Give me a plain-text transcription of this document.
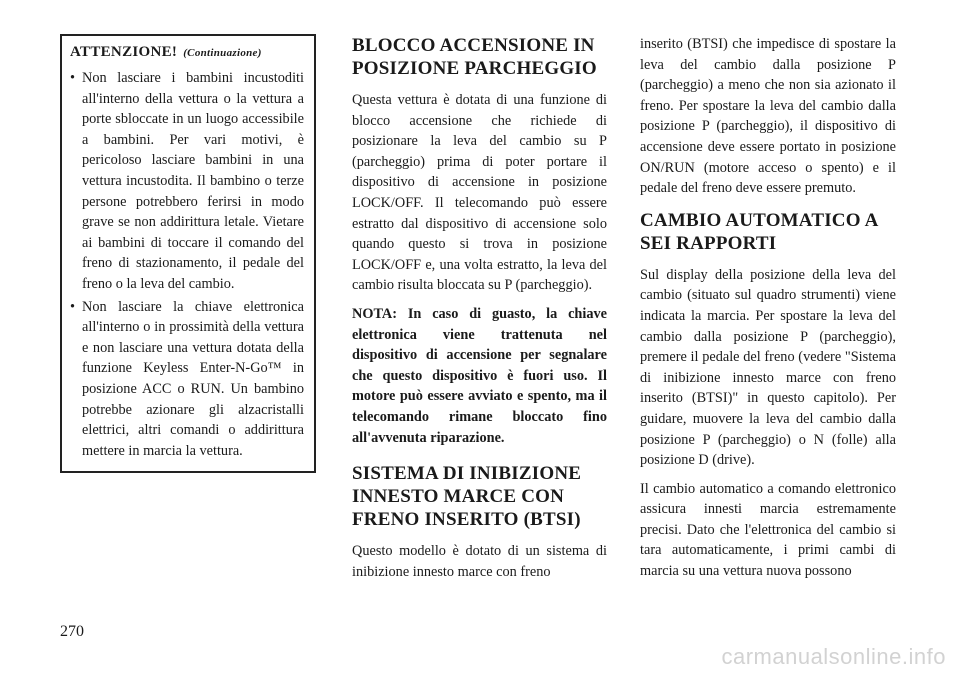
ATTENZIONE! (Continuazione)
• Non lasciare i bambini incustoditi all'interno della vettura o la vettura a porte sbloccate in un luogo accessibile a bambini. Per vari motivi, è pericoloso lasciare bambini in una vettura incustodita. Il bambino o terze persone potrebbero ferirsi in modo grave se non addirittura letale. Vietare ai bambini di toccare il comando del freno di stazionamento, il pedale del freno o la leva del cambio.
• Non lasciare la chiave elettronica all'interno o in prossimità della vettura e non lasciare una vettura dotata della funzione Keyless Enter-N-Go™ in posizione ACC o RUN. Un bambino potrebbe azionare gli alzacristalli elettrici, altri comandi o addirittura mettere in marcia la vettura.
BLOCCO ACCENSIONE IN POSIZIONE PARCHEGGIO

Questa vettura è dotata di una funzione di blocco accensione che richiede di posizionare la leva del cambio su P (parcheggio) prima di poter portare il dispositivo di accensione in posizione LOCK/OFF. Il telecomando può essere estratto dal dispositivo di accensione solo quando questo si trova in posizione LOCK/OFF e, una volta estratto, la leva del cambio risulta bloccata su P (parcheggio).

NOTA: In caso di guasto, la chiave elettronica viene trattenuta nel dispositivo di accensione per segnalare che questo dispositivo è fuori uso. Il motore può essere avviato e spento, ma il telecomando rimane bloccato fino all'avvenuta riparazione.

SISTEMA DI INIBIZIONE INNESTO MARCE CON FRENO INSERITO (BTSI)

Questo modello è dotato di un sistema di inibizione innesto marce con freno

inserito (BTSI) che impedisce di spostare la leva del cambio dalla posizione P (parcheggio) a meno che non sia azionato il freno. Per spostare la leva del cambio dalla posizione P (parcheggio), il dispositivo di accensione deve essere portato in posizione ON/RUN (motore acceso o spento) e il pedale del freno deve essere premuto.

CAMBIO AUTOMATICO A SEI RAPPORTI

Sul display della posizione della leva del cambio (situato sul quadro strumenti) viene indicata la marcia. Per spostare la leva del cambio dalla posizione P (parcheggio), premere il pedale del freno (vedere "Sistema di inibizione innesto marce con freno inserito (BTSI)" in questo capitolo). Per guidare, muovere la leva del cambio dalla posizione P (parcheggio) o N (folle) alla posizione D (drive).

Il cambio automatico a comando elettronico assicura innesti marcia estremamente precisi. Dato che l'elettronica del cambio si tara automaticamente, i primi cambi di marcia su una vettura nuova possono

270
carmanualsonline.info
